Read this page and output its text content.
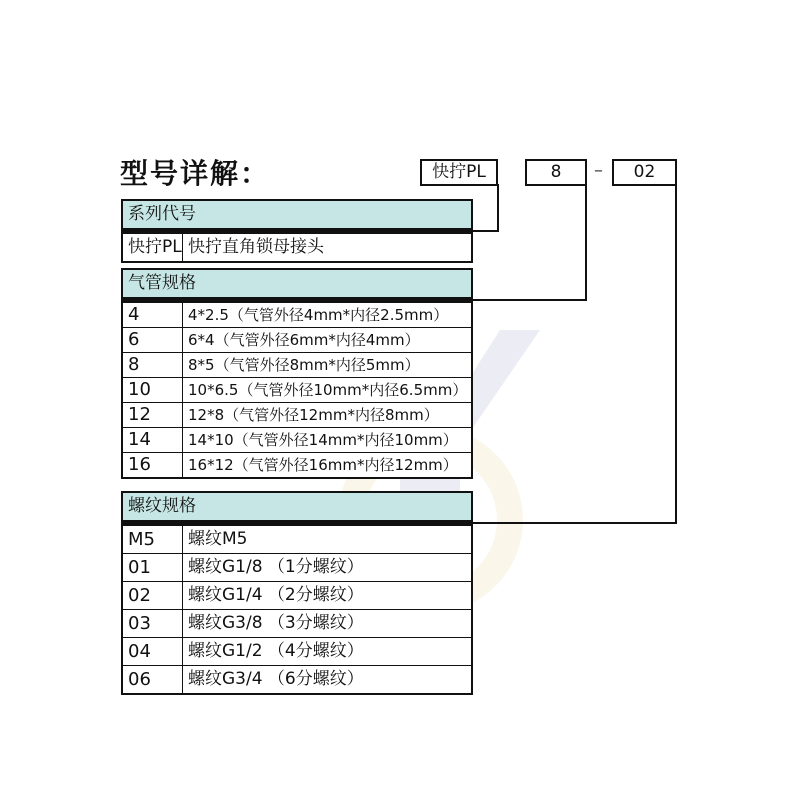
型号详解：	快拧PL	8	–	02
系列代号
快拧PL 快拧直角锁母接头
气管规格
4	4*2.5（气管外径4mm*内径2.5mm）
6	6*4（气管外径6mm*内径4mm）
8	8*5（气管外径8mm*内径5mm）
10	10*6.5（气管外径10mm*内径6.5mm）
12	12*8（气管外径12mm*内径8mm）
14	14*10（气管外径14mm*内径10mm）
16	16*12（气管外径16mm*内径12mm）
螺纹规格
M5	螺纹M5
01	螺纹G1/8 （1分螺纹）
02	螺纹G1/4 （2分螺纹）
03	螺纹G3/8 （3分螺纹）
04	螺纹G1/2 （4分螺纹）
06	螺纹G3/4 （6分螺纹）
